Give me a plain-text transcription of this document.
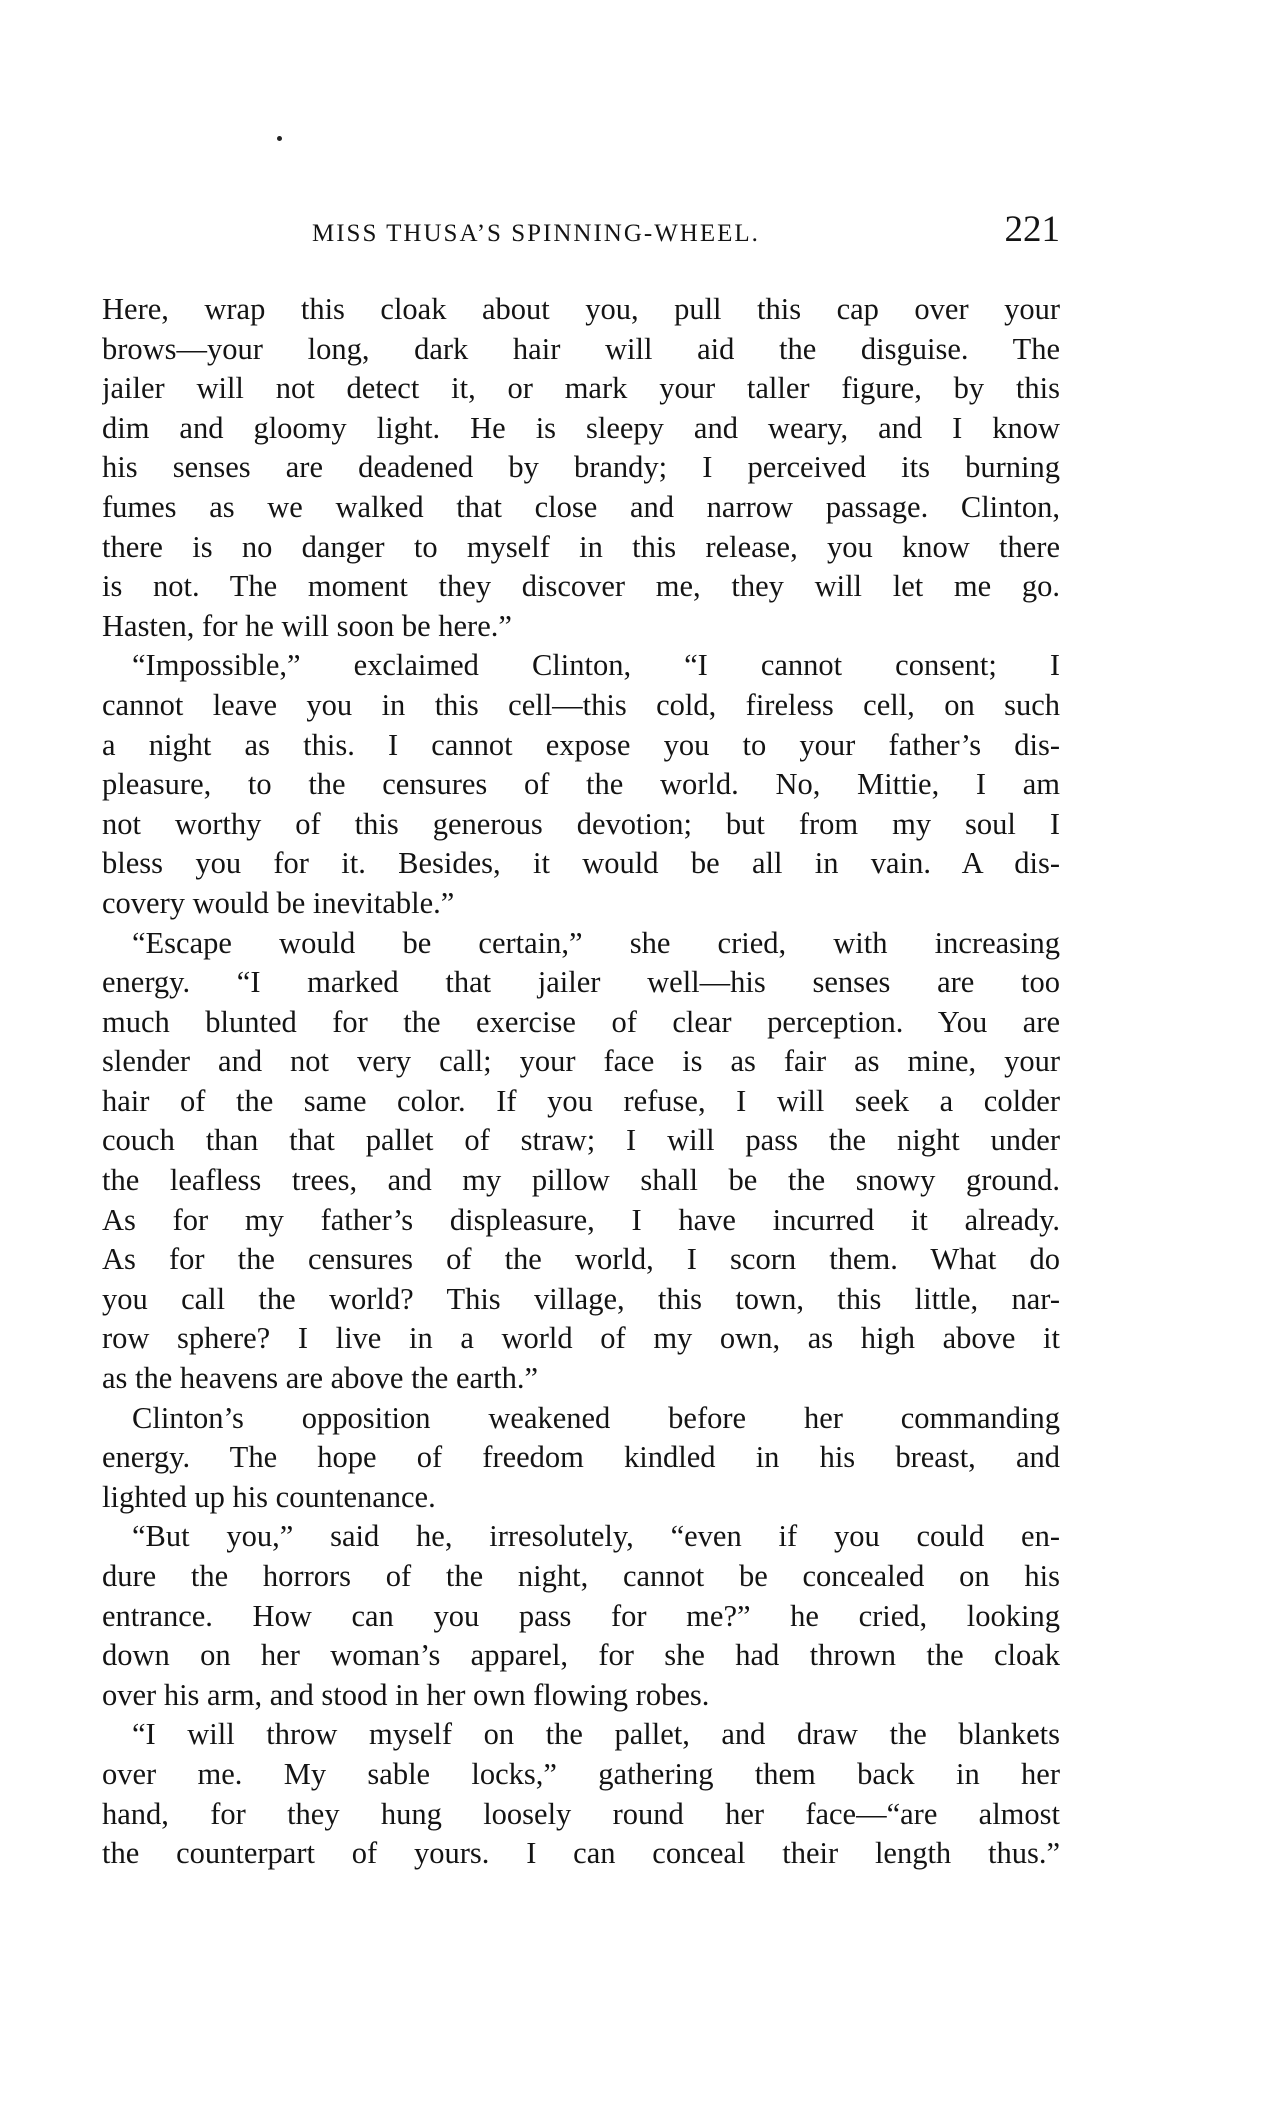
MISS THUSA’S SPINNING-WHEEL.	221

Here, wrap this cloak about you, pull this cap over your
brows—your long, dark hair will aid the disguise. The
jailer will not detect it, or mark your taller figure, by this
dim and gloomy light. He is sleepy and weary, and I know
his senses are deadened by brandy; I perceived its burning
fumes as we walked that close and narrow passage. Clinton,
there is no danger to myself in this release, you know there
is not. The moment they discover me, they will let me go.
Hasten, for he will soon be here.”

“Impossible,” exclaimed Clinton, “I cannot consent; I
cannot leave you in this cell—this cold, fireless cell, on such
a night as this. I cannot expose you to your father’s dis-
pleasure, to the censures of the world. No, Mittie, I am
not worthy of this generous devotion; but from my soul I
bless you for it. Besides, it would be all in vain. A dis-
covery would be inevitable.”

“Escape would be certain,” she cried, with increasing
energy. “I marked that jailer well—his senses are too
much blunted for the exercise of clear perception. You are
slender and not very call; your face is as fair as mine, your
hair of the same color. If you refuse, I will seek a colder
couch than that pallet of straw; I will pass the night under
the leafless trees, and my pillow shall be the snowy ground.
As for my father’s displeasure, I have incurred it already.
As for the censures of the world, I scorn them. What do
you call the world? This village, this town, this little, nar-
row sphere? I live in a world of my own, as high above it
as the heavens are above the earth.”

Clinton’s opposition weakened before her commanding
energy. The hope of freedom kindled in his breast, and
lighted up his countenance.

“But you,” said he, irresolutely, “even if you could en-
dure the horrors of the night, cannot be concealed on his
entrance. How can you pass for me?” he cried, looking
down on her woman’s apparel, for she had thrown the cloak
over his arm, and stood in her own flowing robes.

“I will throw myself on the pallet, and draw the blankets
over me. My sable locks,” gathering them back in her
hand, for they hung loosely round her face—“are almost
the counterpart of yours. I can conceal their length thus.”
